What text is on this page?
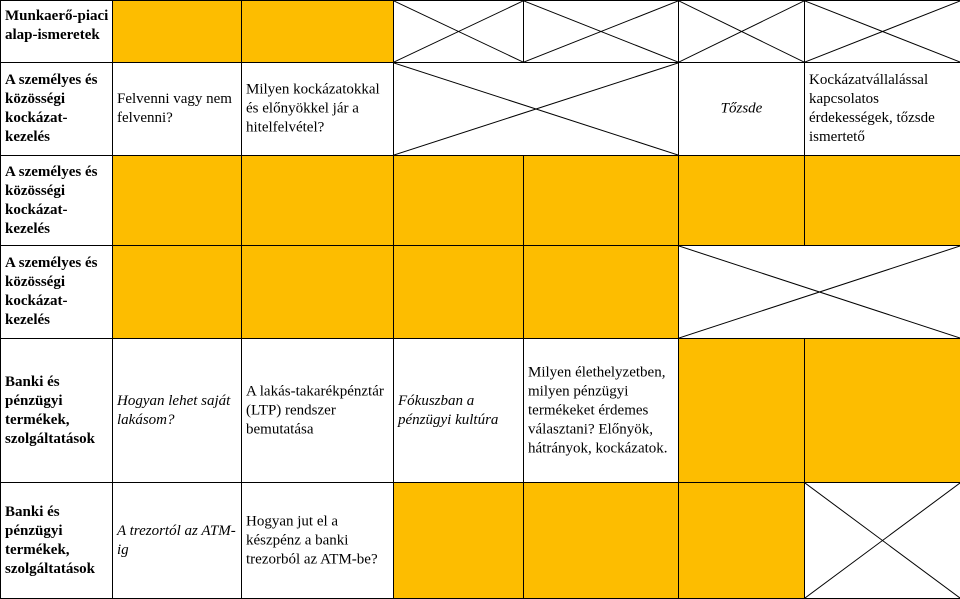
Munkaerő-piaci alap-ismeretek
A személyes és közösségi kockázat-kezelés
Felvenni vagy nem felvenni?
Milyen kockázatokkal és előnyökkel jár a hitelfelvétel?
Tőzsde
Kockázatvállalással kapcsolatos érdekességek, tőzsde ismertető
A személyes és közösségi kockázat-kezelés
A személyes és közösségi kockázat-kezelés
Banki és pénzügyi termékek, szolgáltatások
Hogyan lehet saját lakásom?
A lakás-takarékpénztár (LTP) rendszer bemutatása
Fókuszban a pénzügyi kultúra
Milyen élethelyzetben, milyen pénzügyi termékeket érdemes választani? Előnyök, hátrányok, kockázatok.
Banki és pénzügyi termékek, szolgáltatások
A trezortól az ATM-ig
Hogyan jut el a készpénz a banki trezorból az ATM-be?
